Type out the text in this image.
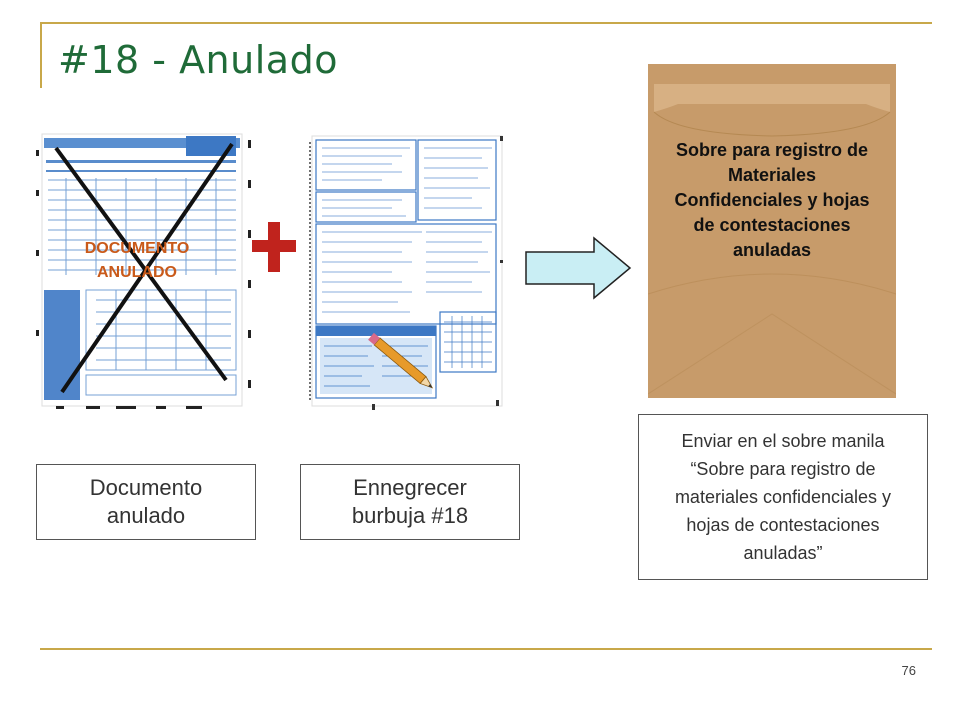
#18 - Anulado
DOCUMENTO
ANULADO
Sobre para registro de
Materiales
Confidenciales y hojas
de contestaciones
anuladas
Documento anulado
Ennegrecer burbuja #18
Enviar en el sobre manila
“Sobre para registro de
materiales confidenciales y
hojas de contestaciones
anuladas”
76
